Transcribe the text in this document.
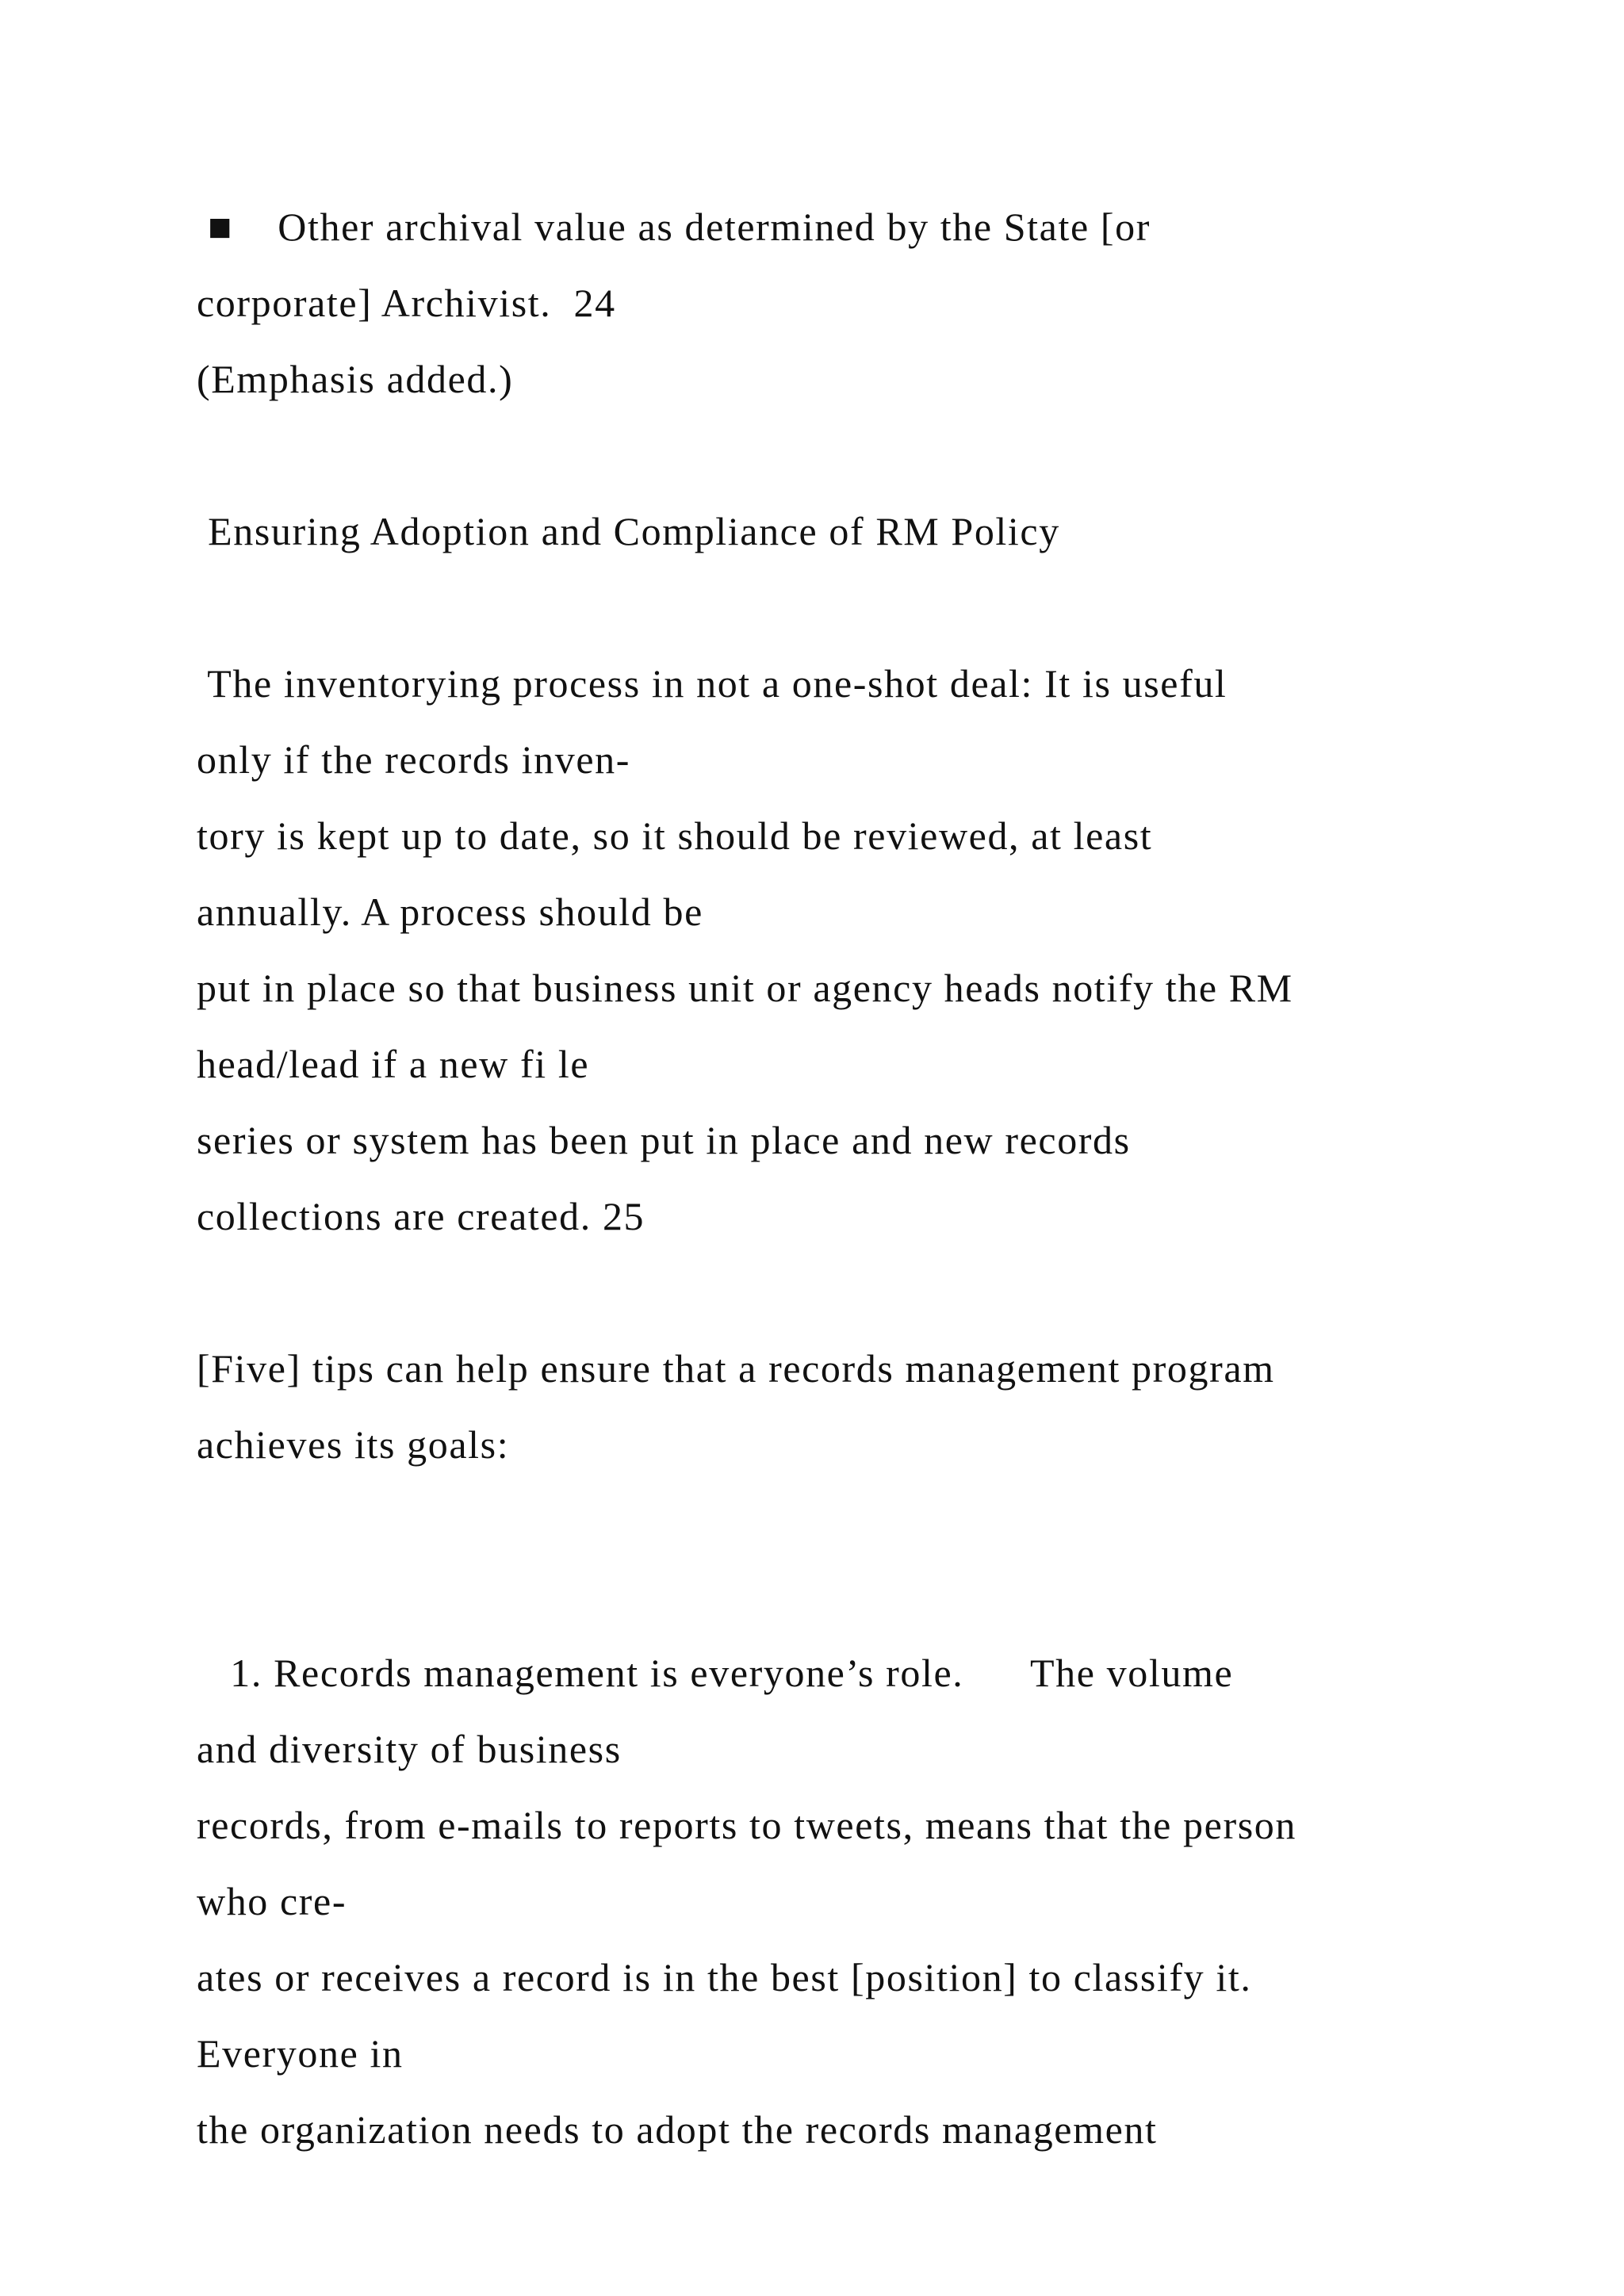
■    Other archival value as determined by the State [or
corporate] Archivist.  24
(Emphasis added.)
Ensuring Adoption and Compliance of RM Policy
The inventorying process in not a one-shot deal: It is useful
only if the records inven-
tory is kept up to date, so it should be reviewed, at least
annually. A process should be
put in place so that business unit or agency heads notify the RM
head/lead if a new fi le
series or system has been put in place and new records
collections are created. 25
[Five] tips can help ensure that a records management program
achieves its goals:
1. Records management is everyone’s role.      The volume
and diversity of business
records, from e-mails to reports to tweets, means that the person
who cre-
ates or receives a record is in the best [position] to classify it.
Everyone in
the organization needs to adopt the records management
